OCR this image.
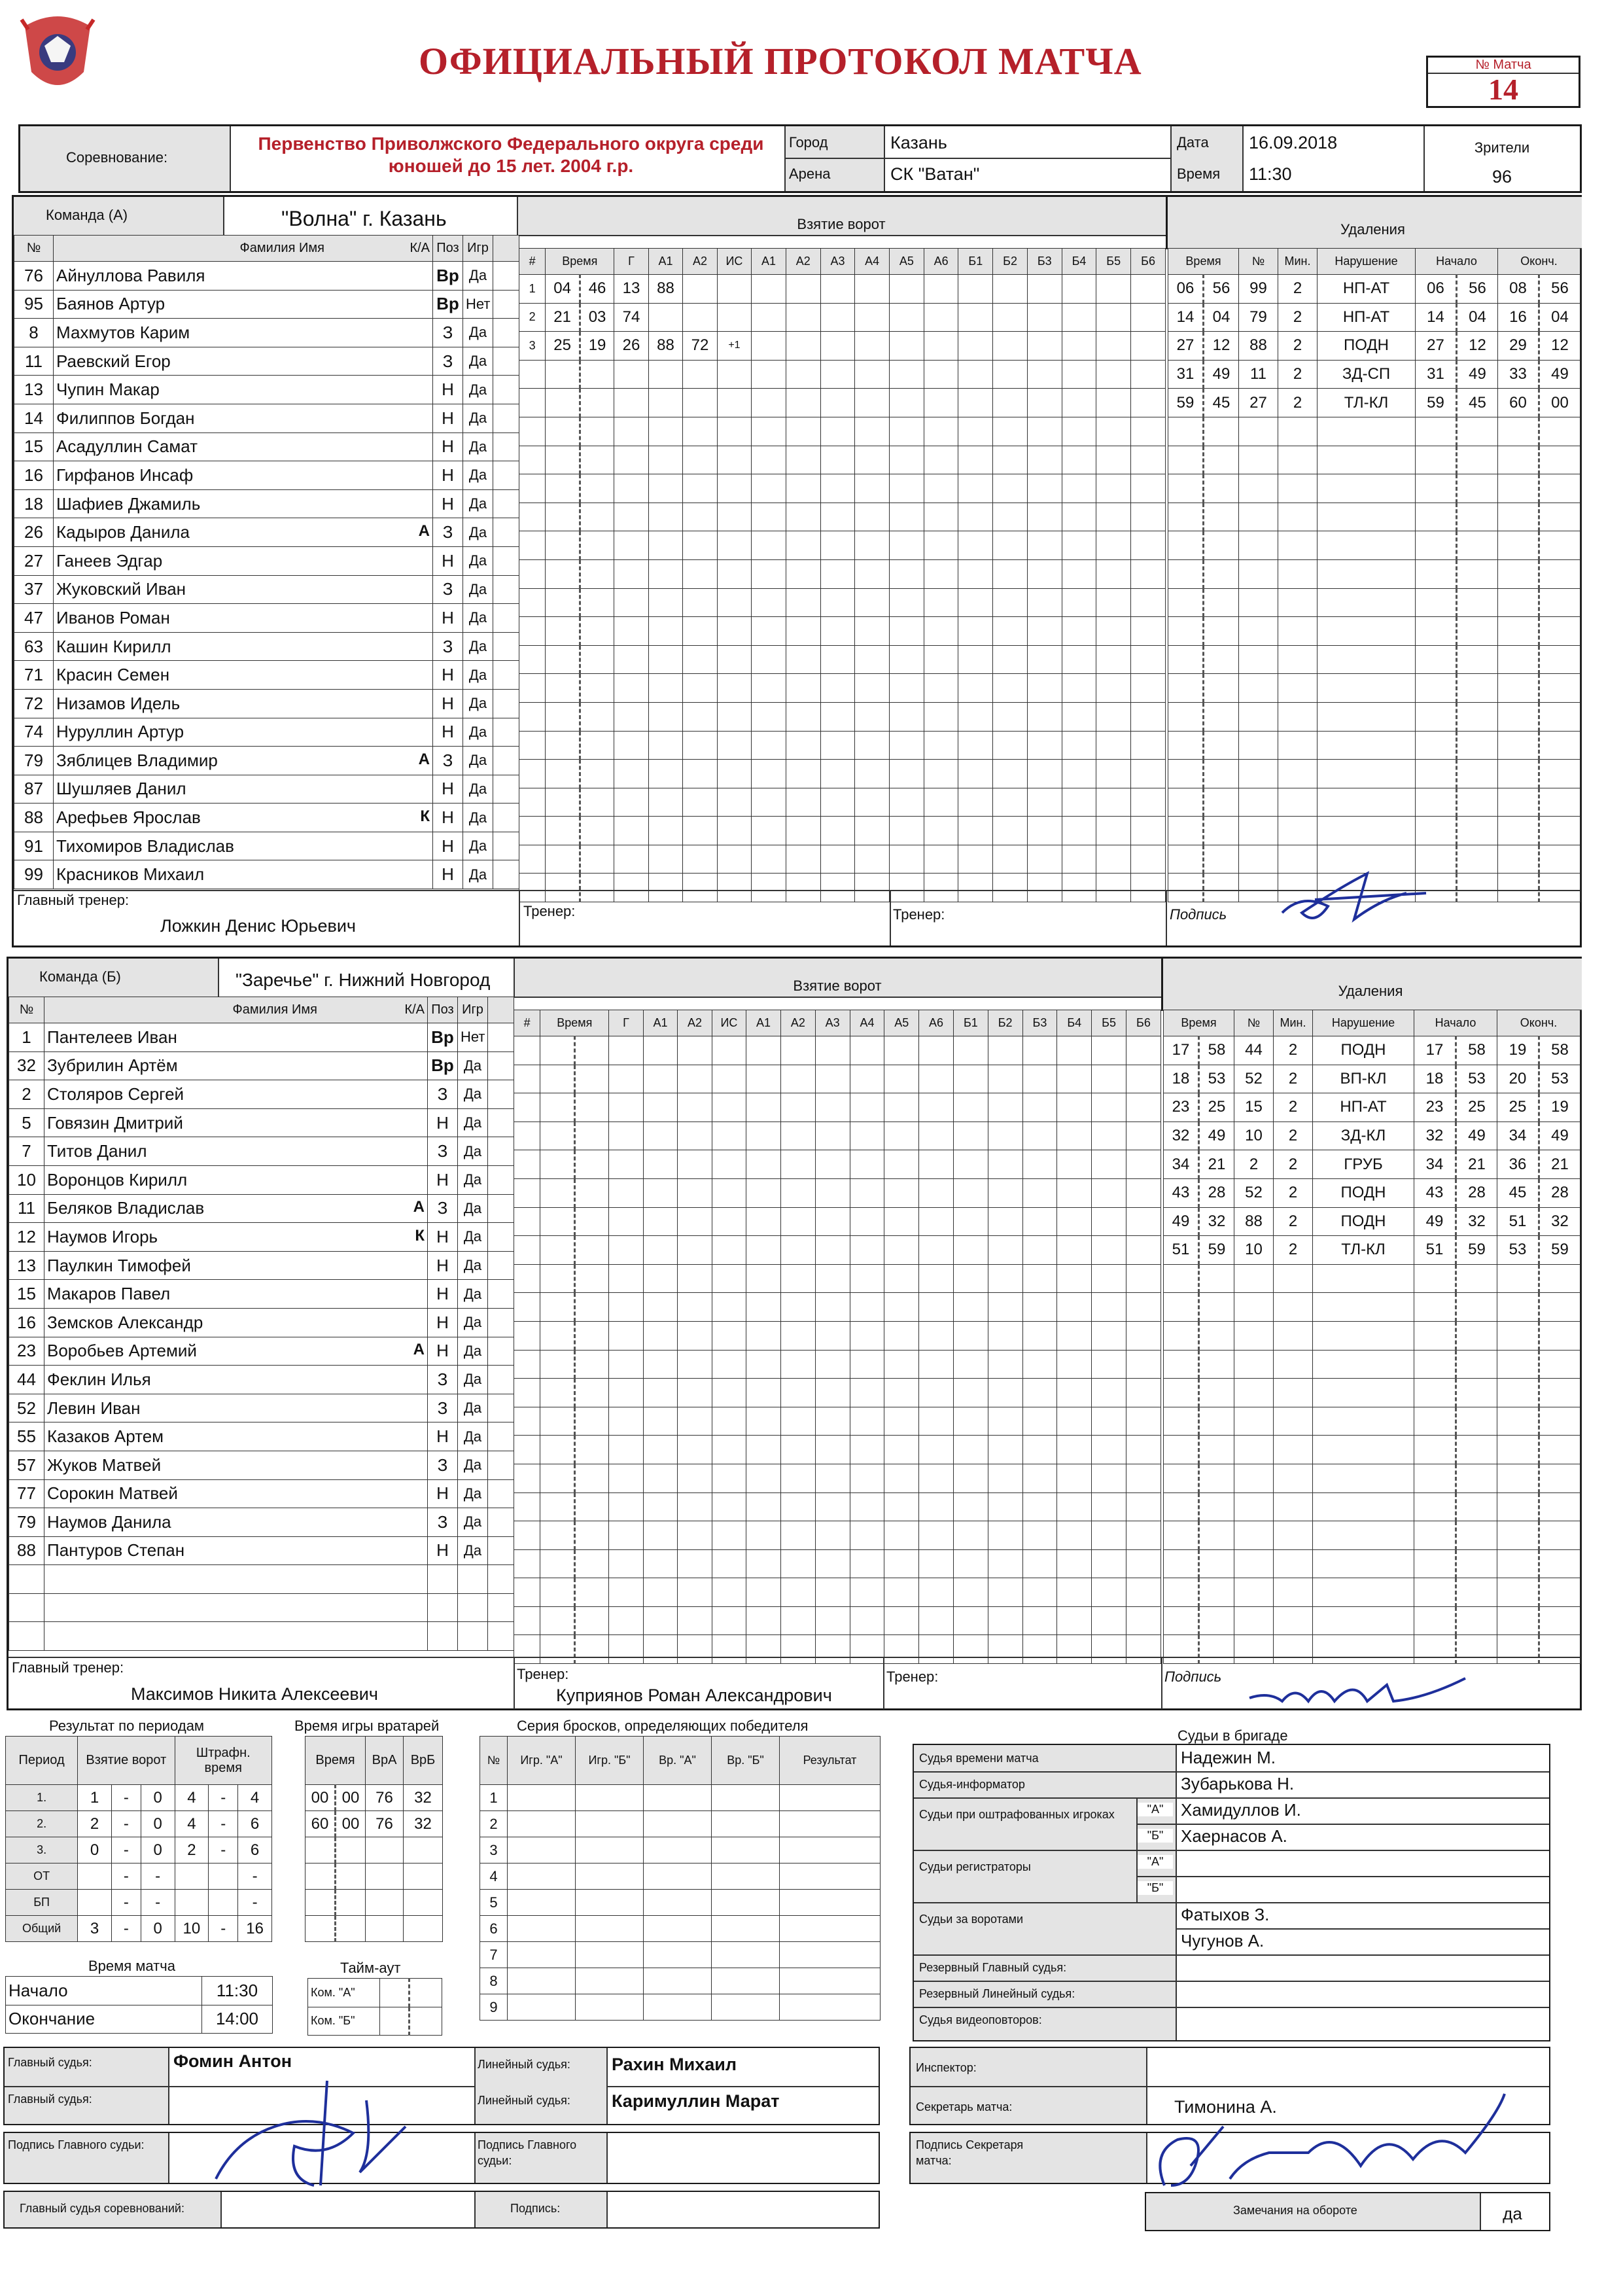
ОФИЦИАЛЬНЫЙ ПРОТОКОЛ МАТЧА	№ Матча
14
Соревнование:
Первенство Приволжского Федерального округа среди юношей до 15 лет. 2004 г.р.
Город	Казань
Арена	СК "Ватан"
Дата 16.09.2018
Время 11:30
Зрители
96
Команда (А)	"Волна" г. Казань	Взятие ворот	Удаления
№	Фамилия Имя К/А	Поз	Игр	
76	Айнуллова Равиля	Вр	Да	
95	Баянов Артур	Вр	Нет	
8	Махмутов Карим	З	Да	
11	Раевский Егор	З	Да	
13	Чупин Макар	Н	Да	
14	Филиппов Богдан	Н	Да	
15	Асадуллин Самат	Н	Да	
16	Гирфанов Инсаф	Н	Да	
18	Шафиев Джамиль	Н	Да	
26	Кадыров Данила А	З	Да	
27	Ганеев Эдгар	Н	Да	
37	Жуковский Иван	З	Да	
47	Иванов Роман	Н	Да	
63	Кашин Кирилл	З	Да	
71	Красин Семен	Н	Да	
72	Низамов Идель	Н	Да	
74	Нуруллин Артур	Н	Да	
79	Зяблицев Владимир А	З	Да	
87	Шушляев Данил	Н	Да	
88	Арефьев Ярослав К	Н	Да	
91	Тихомиров Владислав	Н	Да	
99	Красников Михаил	Н	Да	
#	Время		Г	А1	А2	ИС	А1	А2	А3	А4	А5	А6	Б1	Б2	Б3	Б4	Б5	Б6
1	04	46	13	88														
2	21	03	74															
3	25	19	26	88	72	+1												

Время		№	Мин.	Нарушение	Начало		Оконч.	
06	56	99	2	НП-АТ	06	56	08	56
14	04	79	2	НП-АТ	14	04	16	04
27	12	88	2	ПОДН	27	12	29	12
31	49	11	2	ЗД-СП	31	49	33	49
59	45	27	2	ТЛ-КЛ	59	45	60	00

Главный тренер:
Ложкин Денис Юрьевич
Тренер:	Тренер:	Подпись
Команда (Б)	"Заречье" г. Нижний Новгород	Взятие ворот	Удаления
№	Фамилия Имя К/А	Поз	Игр	
1	Пантелеев Иван	Вр	Нет	
32	Зубрилин Артём	Вр	Да	
2	Столяров Сергей	З	Да	
5	Говязин Дмитрий	Н	Да	
7	Титов Данил	З	Да	
10	Воронцов Кирилл	Н	Да	
11	Беляков Владислав А	З	Да	
12	Наумов Игорь К	Н	Да	
13	Паулкин Тимофей	Н	Да	
15	Макаров Павел	Н	Да	
16	Земсков Александр	Н	Да	
23	Воробьев Артемий А	Н	Да	
44	Феклин Илья	З	Да	
52	Левин Иван	З	Да	
55	Казаков Артем	Н	Да	
57	Жуков Матвей	З	Да	
77	Сорокин Матвей	Н	Да	
79	Наумов Данила	З	Да	
88	Пантуров Степан	Н	Да	

#	Время		Г	А1	А2	ИС	А1	А2	А3	А4	А5	А6	Б1	Б2	Б3	Б4	Б5	Б6

																			Время		№	Мин.	Нарушение	Начало		Оконч.	
17	58	44	2	ПОДН	17	58	19	58
18	53	52	2	ВП-КЛ	18	53	20	53
23	25	15	2	НП-АТ	23	25	25	19
32	49	10	2	ЗД-КЛ	32	49	34	49
34	21	2	2	ГРУБ	34	21	36	21
43	28	52	2	ПОДН	43	28	45	28
49	32	88	2	ПОДН	49	32	51	32
51	59	10	2	ТЛ-КЛ	51	59	53	59

Главный тренер:
Максимов Никита Алексеевич
Тренер:
Куприянов Роман Александрович
Тренер:	Подпись
Результат по периодам
Период	Взятие ворот			Штрафн. время		
1.	1	-	0	4	-	4
2.	2	-	0	4	-	6
3.	0	-	0	2	-	6
ОТ		-	-			-
БП		-	-			-
Общий	3	-	0	10	-	16
Время игры вратарей
Время		ВрА	ВрБ
00	00	76	32
60	00	76	32

Серия бросков, определяющих победителя
№	Игр. "А"	Игр. "Б"	Вр. "А"	Вр. "Б"	Результат
1					
2					
3					
4					
5					
6					
7					
8					
9					
Время матча
Начало	11:30
Окончание	14:00
Тайм-аут
Ком. "А"		
Ком. "Б"		
Судьи в бригаде
Судья времени матча	Надежин М.
Судья-информатор	Зубарькова Н.
Судьи при оштрафованных игроках	"А"	Хамидуллов И.
"Б"	Хаернасов А.
Судьи регистраторы	"А"
"Б"
Судьи за воротами	Фатыхов З.
Чугунов А.
Резервный Главный судья:
Резервный Линейный судья:
Судья видеоповторов:
Главный судья:	Фомин Антон
Главный судья:
Линейный судья: Рахин Михаил
Линейный судья: Каримуллин Марат
Подпись Главного судьи:	Подпись Главного судьи:
Главный судья соревнований:	Подпись:
Инспектор:
Секретарь матча:	Тимонина А.
Подпись Секретаря матча:
Замечания на обороте	да
